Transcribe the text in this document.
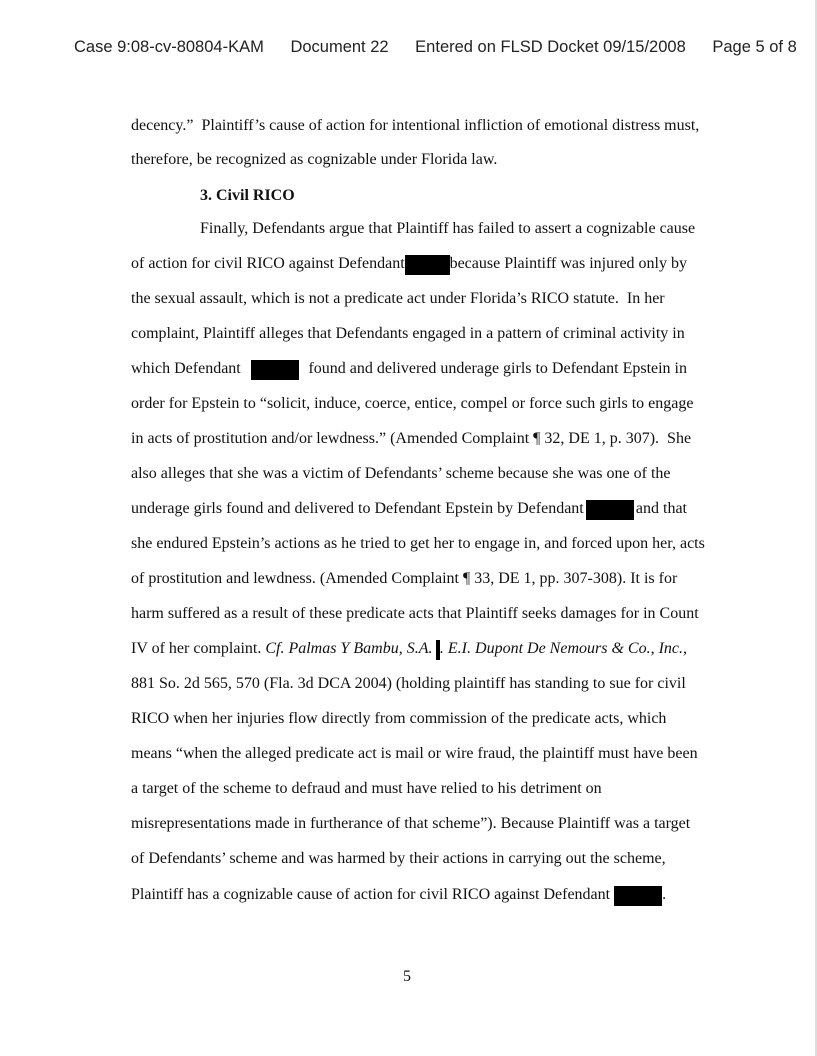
Case 9:08-cv-80804-KAM Document 22 Entered on FLSD Docket 09/15/2008 Page 5 of 8
decency.”  Plaintiff’s cause of action for intentional infliction of emotional distress must,
therefore, be recognized as cognizable under Florida law.
3. Civil RICO
Finally, Defendants argue that Plaintiff has failed to assert a cognizable cause
of action for civil RICO against Defendant	because Plaintiff was injured only by
the sexual assault, which is not a predicate act under Florida’s RICO statute.  In her
complaint, Plaintiff alleges that Defendants engaged in a pattern of criminal activity in
which Defendant	found and delivered underage girls to Defendant Epstein in
order for Epstein to “solicit, induce, coerce, entice, compel or force such girls to engage
in acts of prostitution and/or lewdness.” (Amended Complaint ¶ 32, DE 1, p. 307).  She
also alleges that she was a victim of Defendants’ scheme because she was one of the
underage girls found and delivered to Defendant Epstein by Defendant	and that
she endured Epstein’s actions as he tried to get her to engage in, and forced upon her, acts
of prostitution and lewdness. (Amended Complaint ¶ 33, DE 1, pp. 307-308). It is for
harm suffered as a result of these predicate acts that Plaintiff seeks damages for in Count
IV of her complaint. Cf. Palmas Y Bambu, S.A.
. E.I. Dupont De Nemours & Co., Inc. ,
881 So. 2d 565, 570 (Fla. 3d DCA 2004) (holding plaintiff has standing to sue for civil
RICO when her injuries flow directly from commission of the predicate acts, which
means “when the alleged predicate act is mail or wire fraud, the plaintiff must have been
a target of the scheme to defraud and must have relied to his detriment on
misrepresentations made in furtherance of that scheme”). Because Plaintiff was a target
of Defendants’ scheme and was harmed by their actions in carrying out the scheme,
Plaintiff has a cognizable cause of action for civil RICO against Defendant
	.
5
